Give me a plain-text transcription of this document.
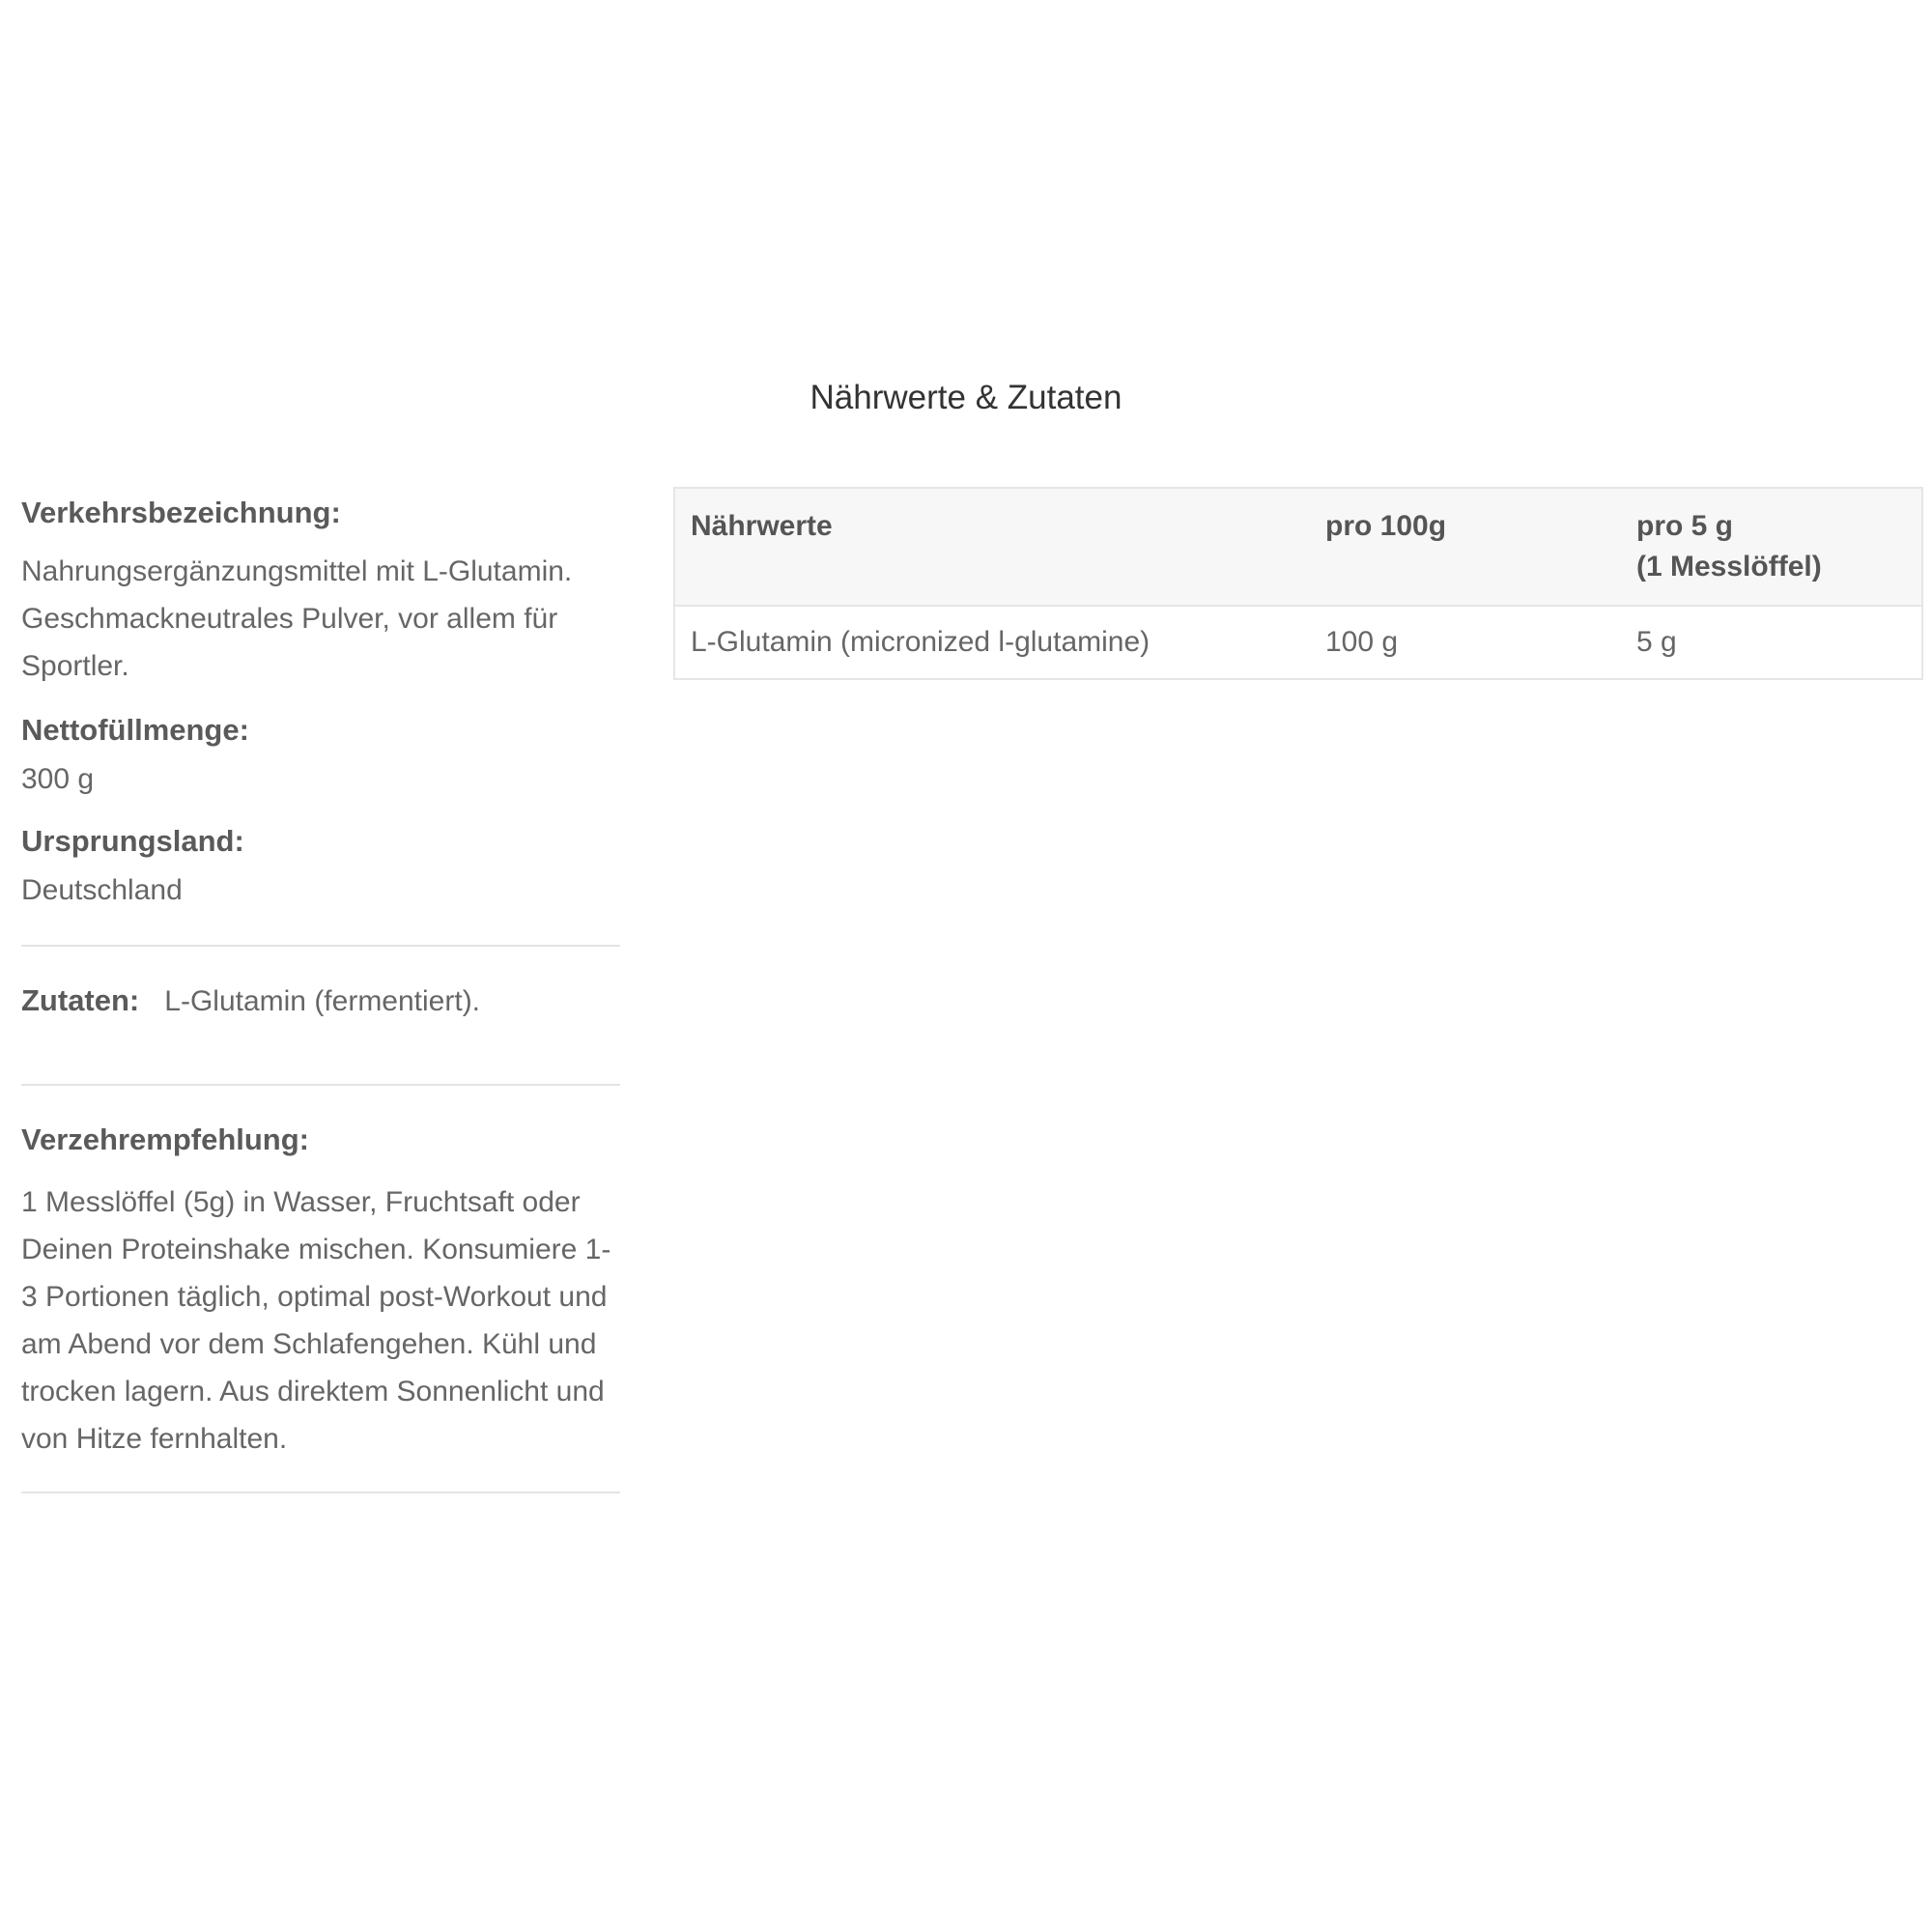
Nährwerte & Zutaten

Verkehrsbezeichnung:

Nahrungsergänzungsmittel mit L-Glutamin. Geschmackneutrales Pulver, vor allem für Sportler.

Nettofüllmenge:

300 g

Ursprungsland:

Deutschland

Zutaten: L-Glutamin (fermentiert).

Verzehrempfehlung:

1 Messlöffel (5g) in Wasser, Fruchtsaft oder Deinen Proteinshake mischen. Konsumiere 1-3 Portionen täglich, optimal post-Workout und am Abend vor dem Schlafengehen. Kühl und trocken lagern. Aus direktem Sonnenlicht und von Hitze fernhalten.

Nährwerte	pro 100g	pro 5 g
(1 Messlöffel)
L-Glutamin (micronized l-glutamine)	100 g	5 g
